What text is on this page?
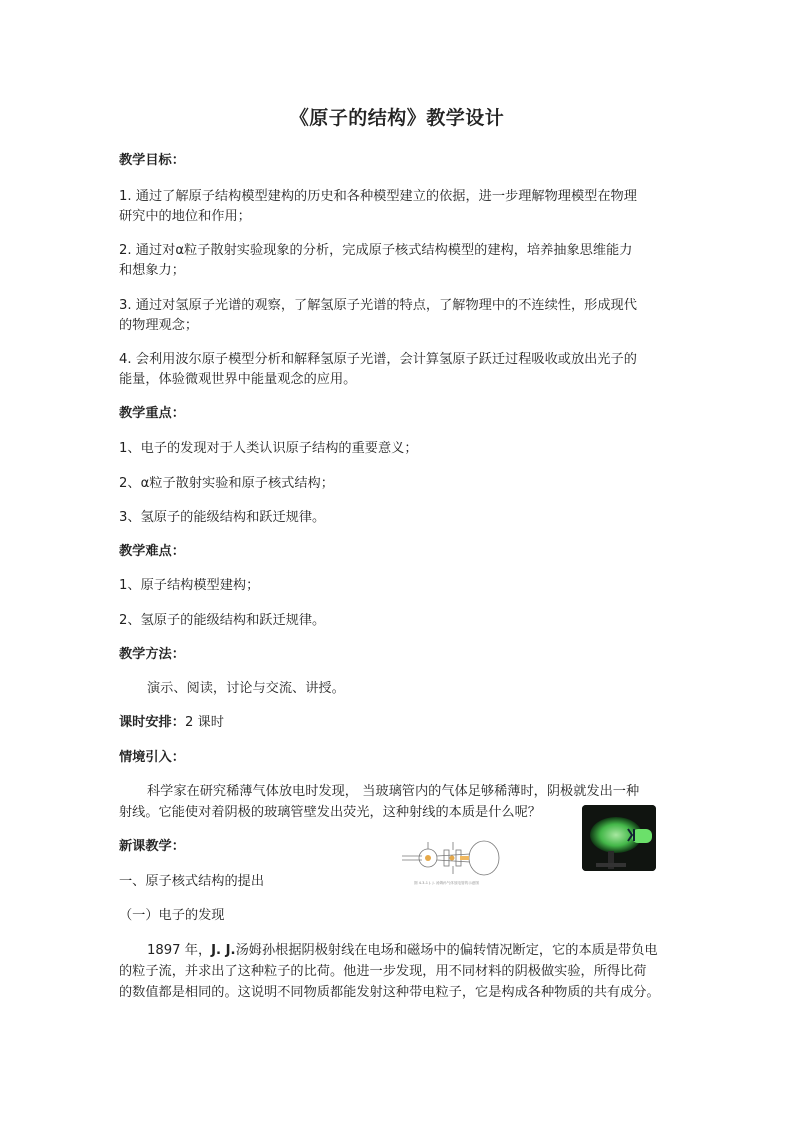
《原子的结构》教学设计
教学目标：
1. 通过了解原子结构模型建构的历史和各种模型建立的依据，进一步理解物理模型在物理
研究中的地位和作用；
2. 通过对α粒子散射实验现象的分析，完成原子核式结构模型的建构，培养抽象思维能力
和想象力；
3. 通过对氢原子光谱的观察，了解氢原子光谱的特点，了解物理中的不连续性，形成现代
的物理观念；
4. 会利用波尔原子模型分析和解释氢原子光谱，会计算氢原子跃迁过程吸收或放出光子的
能量，体验微观世界中能量观念的应用。
教学重点：
1、电子的发现对于人类认识原子结构的重要意义；
2、α粒子散射实验和原子核式结构；
3、氢原子的能级结构和跃迁规律。
教学难点：
1、原子结构模型建构；
2、氢原子的能级结构和跃迁规律。
教学方法：
演示、阅读，讨论与交流、讲授。
课时安排：2 课时
情境引入：
科学家在研究稀薄气体放电时发现， 当玻璃管内的气体足够稀薄时，阴极就发出一种
射线。它能使对着阴极的玻璃管壁发出荧光，这种射线的本质是什么呢？
新课教学：
一、原子核式结构的提出
（一）电子的发现
1897 年，J. J.汤姆孙根据阴极射线在电场和磁场中的偏转情况断定，它的本质是带负电
的粒子流，并求出了这种粒子的比荷。他进一步发现，用不同材料的阴极做实验，所得比荷
的数值都是相同的。这说明不同物质都能发射这种带电粒子，它是构成各种物质的共有成分。
图 4.3-1 J. J. 汤姆孙气体放电管的示意图
